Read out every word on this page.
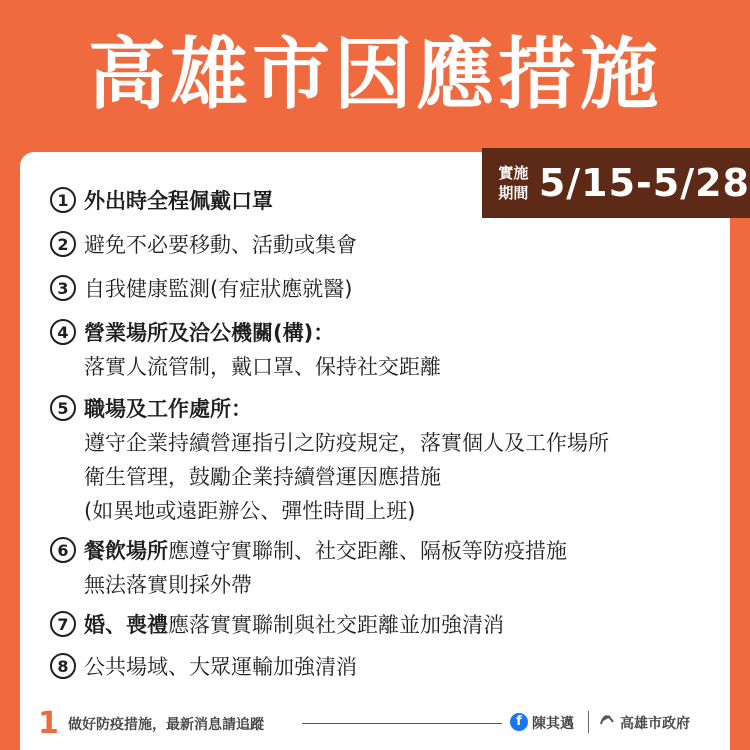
高雄市因應措施
實施
期間 5/15-5/28
1 外出時全程佩戴口罩
2 避免不必要移動、活動或集會
3 自我健康監測(有症狀應就醫)
4 營業場所及洽公機關(構)：
落實人流管制，戴口罩、保持社交距離
5 職場及工作處所：
遵守企業持續營運指引之防疫規定，落實個人及工作場所
衛生管理，鼓勵企業持續營運因應措施
(如異地或遠距辦公、彈性時間上班)
6 餐飲場所應遵守實聯制、社交距離、隔板等防疫措施
無法落實則採外帶
7 婚、喪禮應落實實聯制與社交距離並加強清消
8 公共場域、大眾運輸加強清消
1 做好防疫措施，最新消息請追蹤	f 陳其邁	高雄市政府
